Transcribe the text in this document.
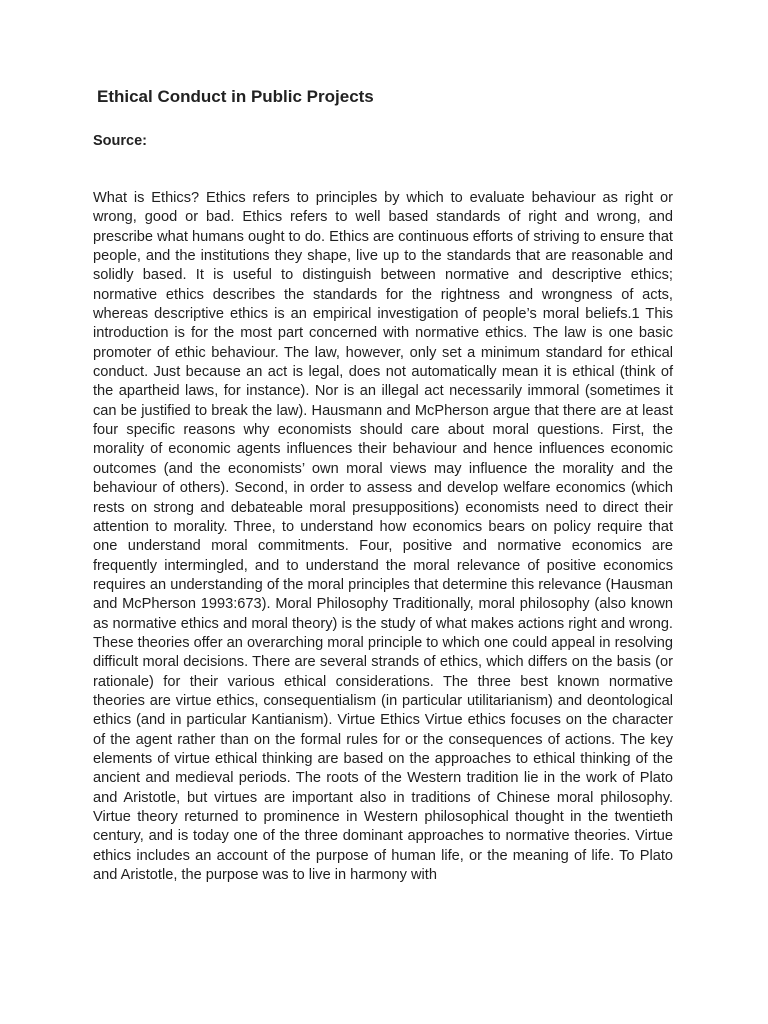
Ethical Conduct in Public Projects

Source:

What is Ethics? Ethics refers to principles by which to evaluate behaviour as right or wrong, good or bad. Ethics refers to well based standards of right and wrong, and prescribe what humans ought to do. Ethics are continuous efforts of striving to ensure that people, and the institutions they shape, live up to the standards that are reasonable and solidly based. It is useful to distinguish between normative and descriptive ethics; normative ethics describes the standards for the rightness and wrongness of acts, whereas descriptive ethics is an empirical investigation of people’s moral beliefs.1 This introduction is for the most part concerned with normative ethics. The law is one basic promoter of ethic behaviour. The law, however, only set a minimum standard for ethical conduct. Just because an act is legal, does not automatically mean it is ethical (think of the apartheid laws, for instance). Nor is an illegal act necessarily immoral (sometimes it can be justified to break the law). Hausmann and McPherson argue that there are at least four specific reasons why economists should care about moral questions. First, the morality of economic agents influences their behaviour and hence influences economic outcomes (and the economists’ own moral views may influence the morality and the behaviour of others). Second, in order to assess and develop welfare economics (which rests on strong and debateable moral presuppositions) economists need to direct their attention to morality. Three, to understand how economics bears on policy require that one understand moral commitments. Four, positive and normative economics are frequently intermingled, and to understand the moral relevance of positive economics requires an understanding of the moral principles that determine this relevance (Hausman and McPherson 1993:673). Moral Philosophy Traditionally, moral philosophy (also known as normative ethics and moral theory) is the study of what makes actions right and wrong. These theories offer an overarching moral principle to which one could appeal in resolving difficult moral decisions. There are several strands of ethics, which differs on the basis (or rationale) for their various ethical considerations. The three best known normative theories are virtue ethics, consequentialism (in particular utilitarianism) and deontological ethics (and in particular Kantianism). Virtue Ethics Virtue ethics focuses on the character of the agent rather than on the formal rules for or the consequences of actions. The key elements of virtue ethical thinking are based on the approaches to ethical thinking of the ancient and medieval periods. The roots of the Western tradition lie in the work of Plato and Aristotle, but virtues are important also in traditions of Chinese moral philosophy. Virtue theory returned to prominence in Western philosophical thought in the twentieth century, and is today one of the three dominant approaches to normative theories. Virtue ethics includes an account of the purpose of human life, or the meaning of life. To Plato and Aristotle, the purpose was to live in harmony with
